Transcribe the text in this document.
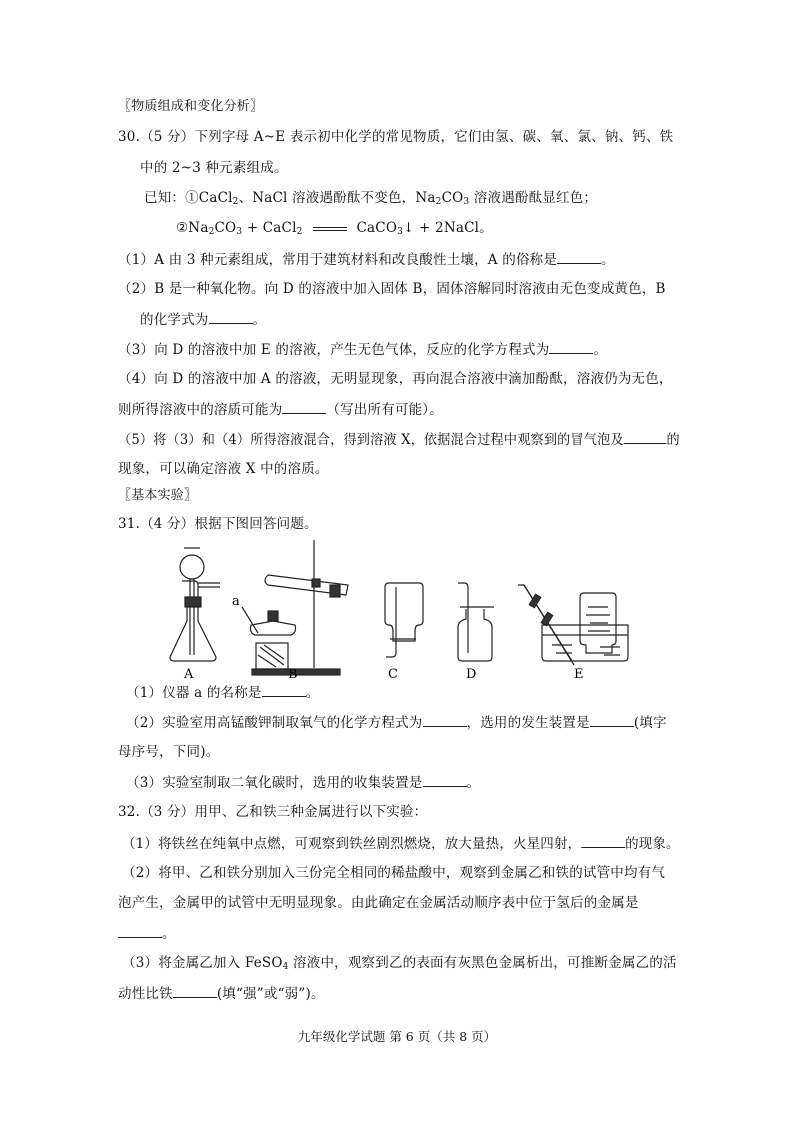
〖物质组成和变化分析〗
30.（5 分）下列字母 A~E 表示初中化学的常见物质，它们由氢、碳、氧、氯、钠、钙、铁
中的 2~3 种元素组成。
已知：①CaCl$_2$、NaCl 溶液遇酚酞不变色，$Na_2CO_3$ 溶液遇酚酞显红色；
$②Na_2CO_3$ + CaCl$_2$	CaCO$_3$↓ + 2NaCl。
（1）A 由 3 种元素组成，常用于建筑材料和改良酸性土壤，A 的俗称是	。
（2）B 是一种氧化物。向 D 的溶液中加入固体 B，固体溶解同时溶液由无色变成黄色，B
的化学式为	。
（3）向 D 的溶液中加 E 的溶液，产生无色气体，反应的化学方程式为	。
（4）向 D 的溶液中加 A 的溶液，无明显现象，再向混合溶液中滴加酚酞，溶液仍为无色，
则所得溶液中的溶质可能为	（写出所有可能）。
（5）将（3）和（4）所得溶液混合，得到溶液 X，依据混合过程中观察到的冒气泡及	的
现象，可以确定溶液 X 中的溶质。
〖基本实验〗
31.（4 分）根据下图回答问题。
a
A	B	C	D	E
（1）仪器 a 的名称是	。
（2）实验室用高锰酸钾制取氧气的化学方程式为	，选用的发生装置是	(填字
母序号，下同)。
（3）实验室制取二氧化碳时，选用的收集装置是	。
32.（3 分）用甲、乙和铁三种金属进行以下实验：
（1）将铁丝在纯氧中点燃，可观察到铁丝剧烈燃烧，放大量热，火星四射，	的现象。
（2）将甲、乙和铁分别加入三份完全相同的稀盐酸中，观察到金属乙和铁的试管中均有气
泡产生，金属甲的试管中无明显现象。由此确定在金属活动顺序表中位于氢后的金属是
。
（3）将金属乙加入 FeSO$_4$ 溶液中，观察到乙的表面有灰黑色金属析出，可推断金属乙的活
动性比铁	(填“强”或“弱”)。
九年级化学试题 第 6 页（共 8 页）
